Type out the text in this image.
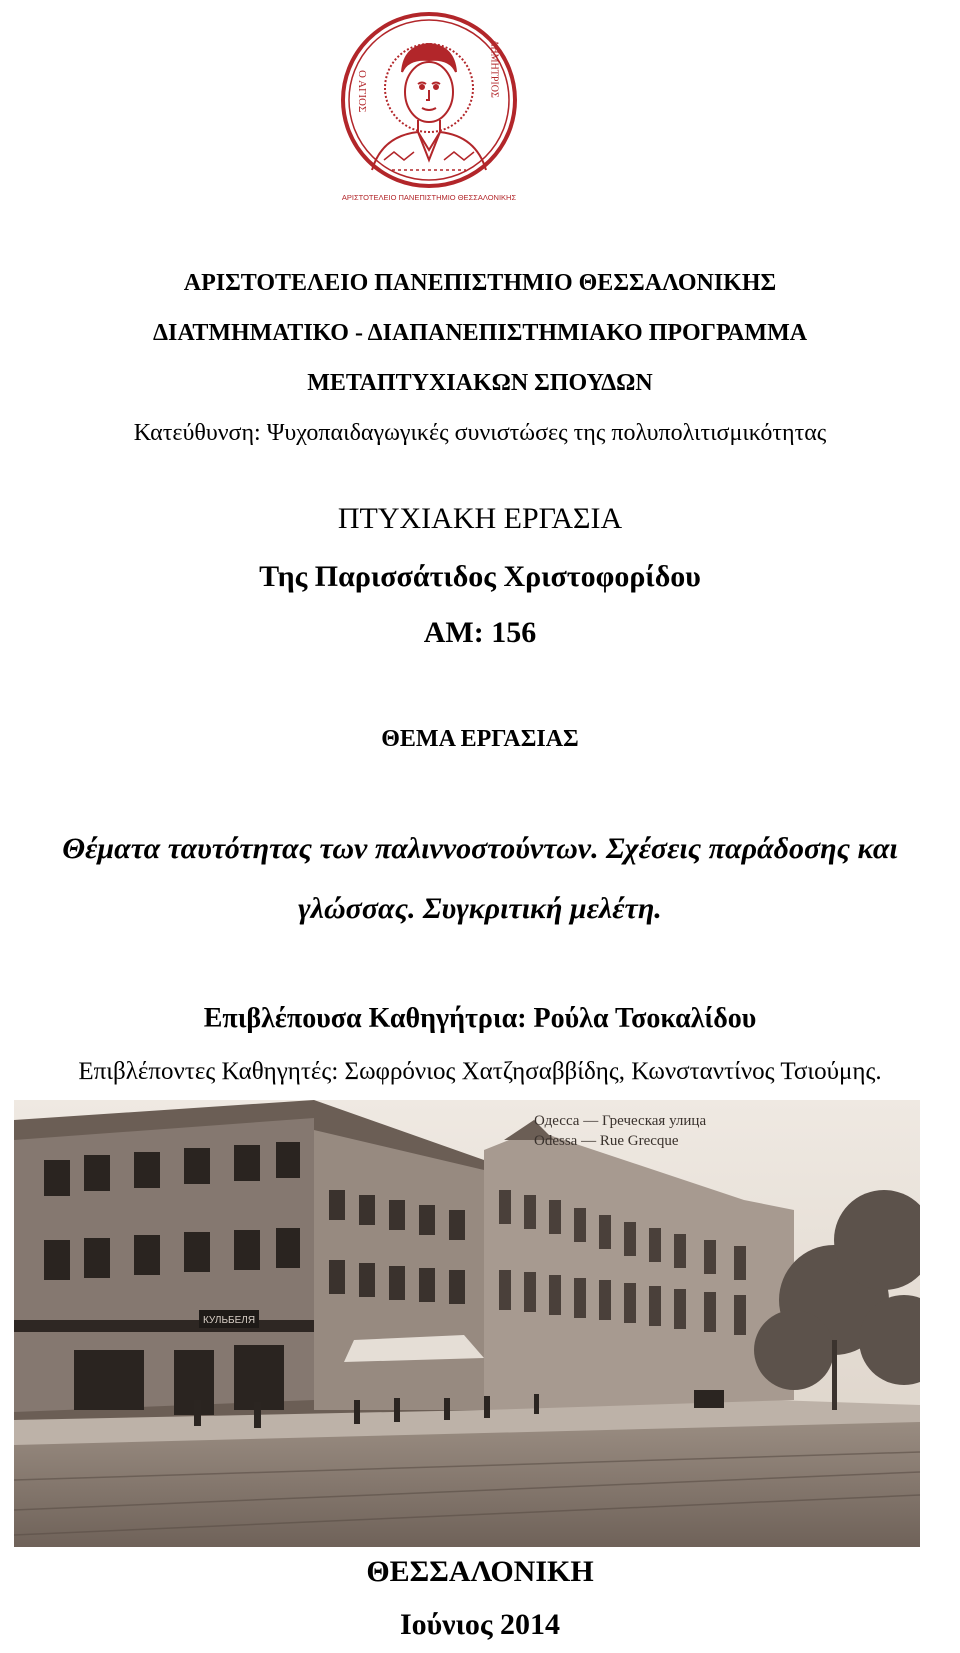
Ο ΑΓΙΟΣ	ΔΗΜΗΤΡΙΟΣ
ΑΡΙΣΤΟΤΕΛΕΙΟ ΠΑΝΕΠΙΣΤΗΜΙΟ ΘΕΣΣΑΛΟΝΙΚΗΣ
ΑΡΙΣΤΟΤΕΛΕΙΟ ΠΑΝΕΠΙΣΤΗΜΙΟ ΘΕΣΣΑΛΟΝΙΚΗΣ
ΔΙΑΤΜΗΜΑΤΙΚΟ - ΔΙΑΠΑΝΕΠΙΣΤΗΜΙΑΚΟ ΠΡΟΓΡΑΜΜΑ
ΜΕΤΑΠΤΥΧΙΑΚΩΝ ΣΠΟΥΔΩΝ
Κατεύθυνση: Ψυχοπαιδαγωγικές συνιστώσες της πολυπολιτισμικότητας
ΠΤΥΧΙΑΚΗ ΕΡΓΑΣΙΑ
Της Παρισσάτιδος Χριστοφορίδου
ΑΜ: 156
ΘΕΜΑ ΕΡΓΑΣΙΑΣ
Θέματα ταυτότητας των παλιννοστούντων. Σχέσεις παράδοσης και
γλώσσας. Συγκριτική μελέτη.
Επιβλέπουσα Καθηγήτρια: Ρούλα Τσοκαλίδου
Επιβλέποντες Καθηγητές: Σωφρόνιος Χατζησαββίδης, Κωνσταντίνος Τσιούμης.
КУЛЬБЕЛЯ
Одесса — Греческая улица
Odessa — Rue Grecque
ΘΕΣΣΑΛΟΝΙΚΗ
Ιούνιος 2014
